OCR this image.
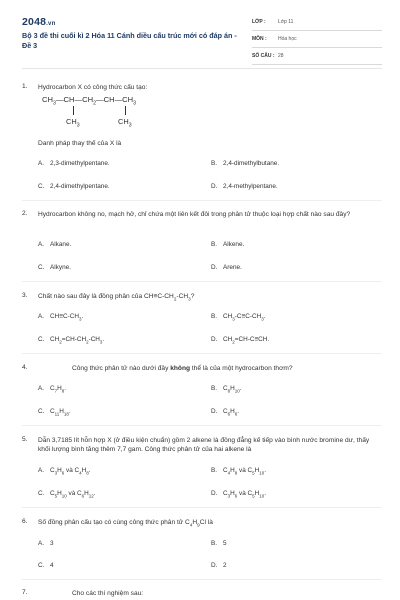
2048.vn
Bộ 3 đề thi cuối kì 2 Hóa 11 Cánh diều cấu trúc mới có đáp án - Đề 3
LỚP : Lớp 11
MÔN : Hóa học
SỐ CÂU : 28
1. Hydrocarbon X có công thức cấu tạo:
$CH_3—CH—CH_2—CH—CH_3$
$CH_3$	$CH_3$
Danh pháp thay thế của X là
A. 2,3-dimethylpentane.	B. 2,4-dimethylbutane.
C. 2,4-dimethylpentane.	D. 2,4-methylpentane.
2. Hydrocarbon không no, mạch hở, chỉ chứa một liên kết đôi trong phân tử thuộc loại hợp chất nào sau đây?
A. Alkane.	B. Alkene.
C. Alkyne.	D. Arene.
3. Chất nào sau đây là đồng phân của $CH\equiv C-CH_2-CH_3$?
A. $CH\equiv C-CH_3$.	B. $CH_3-C\equiv C-CH_3$.
C. $CH_2=CH-CH_2-CH_3$.	D. $CH_2=CH-C\equiv CH$.
4.	Công thức phân tử nào dưới đây không thể là của một hydrocarbon thơm?
A. $C_7H_8$.	B. $C_8H_{10}$.
C. $C_{11}H_{18}$.	D. $C_6H_6$.
5. Dẫn 3,7185 lít hỗn hợp X (ở điều kiện chuẩn) gồm 2 alkene là đồng đẳng kế tiếp vào bình nước bromine dư, thấy khối lượng bình tăng thêm 7,7 gam. Công thức phân tử của hai alkene là
A. $C_3H_6$ và $C_4H_8$.	B. $C_4H_8$ và $C_5H_{10}$.
C. $C_5H_{10}$ và $C_6H_{12}$.	D. $C_3H_6$ và $C_5H_{10}$.
6. Số đồng phân cấu tạo có cùng công thức phân tử $C_4H_9Cl$ là
A. 3	B. 5
C. 4	D. 2
7.	Cho các thí nghiệm sau:
